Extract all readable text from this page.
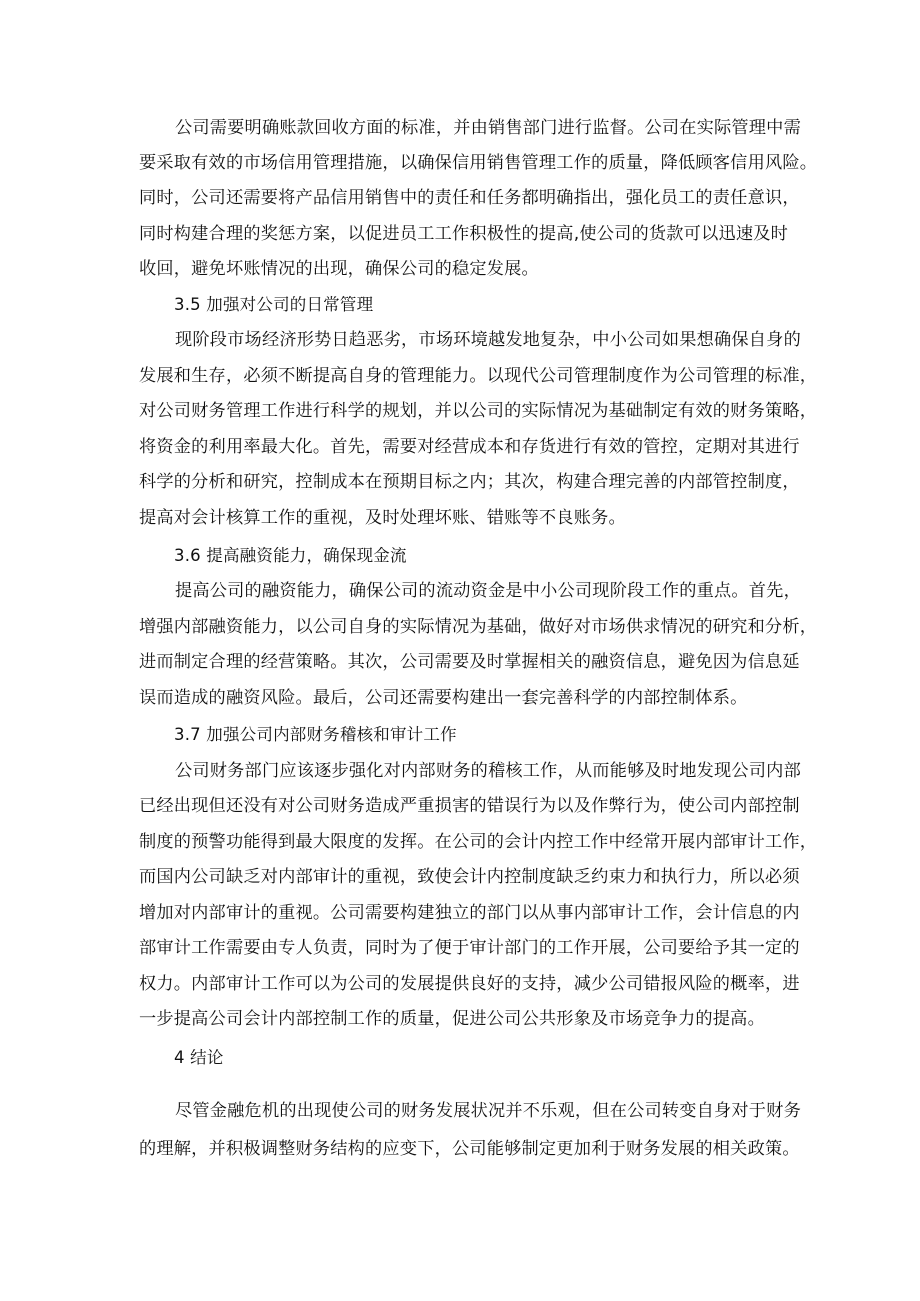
公司需要明确账款回收方面的标准，并由销售部门进行监督。公司在实际管理中需
要采取有效的市场信用管理措施，以确保信用销售管理工作的质量，降低顾客信用风险。
同时，公司还需要将产品信用销售中的责任和任务都明确指出，强化员工的责任意识，
同时构建合理的奖惩方案，以促进员工工作积极性的提高,使公司的货款可以迅速及时
收回，避免坏账情况的出现，确保公司的稳定发展。
3.5 加强对公司的日常管理
现阶段市场经济形势日趋恶劣，市场环境越发地复杂，中小公司如果想确保自身的
发展和生存，必须不断提高自身的管理能力。以现代公司管理制度作为公司管理的标准，
对公司财务管理工作进行科学的规划，并以公司的实际情况为基础制定有效的财务策略，
将资金的利用率最大化。首先，需要对经营成本和存货进行有效的管控，定期对其进行
科学的分析和研究，控制成本在预期目标之内；其次，构建合理完善的内部管控制度，
提高对会计核算工作的重视，及时处理坏账、错账等不良账务。
3.6 提高融资能力，确保现金流
提高公司的融资能力，确保公司的流动资金是中小公司现阶段工作的重点。首先，
增强内部融资能力，以公司自身的实际情况为基础，做好对市场供求情况的研究和分析，
进而制定合理的经营策略。其次，公司需要及时掌握相关的融资信息，避免因为信息延
误而造成的融资风险。最后，公司还需要构建出一套完善科学的内部控制体系。
3.7 加强公司内部财务稽核和审计工作
公司财务部门应该逐步强化对内部财务的稽核工作，从而能够及时地发现公司内部
已经出现但还没有对公司财务造成严重损害的错误行为以及作弊行为，使公司内部控制
制度的预警功能得到最大限度的发挥。在公司的会计内控工作中经常开展内部审计工作，
而国内公司缺乏对内部审计的重视，致使会计内控制度缺乏约束力和执行力，所以必须
增加对内部审计的重视。公司需要构建独立的部门以从事内部审计工作，会计信息的内
部审计工作需要由专人负责，同时为了便于审计部门的工作开展，公司要给予其一定的
权力。内部审计工作可以为公司的发展提供良好的支持，减少公司错报风险的概率，进
一步提高公司会计内部控制工作的质量，促进公司公共形象及市场竞争力的提高。
4 结论
尽管金融危机的出现使公司的财务发展状况并不乐观，但在公司转变自身对于财务
的理解，并积极调整财务结构的应变下，公司能够制定更加利于财务发展的相关政策。
